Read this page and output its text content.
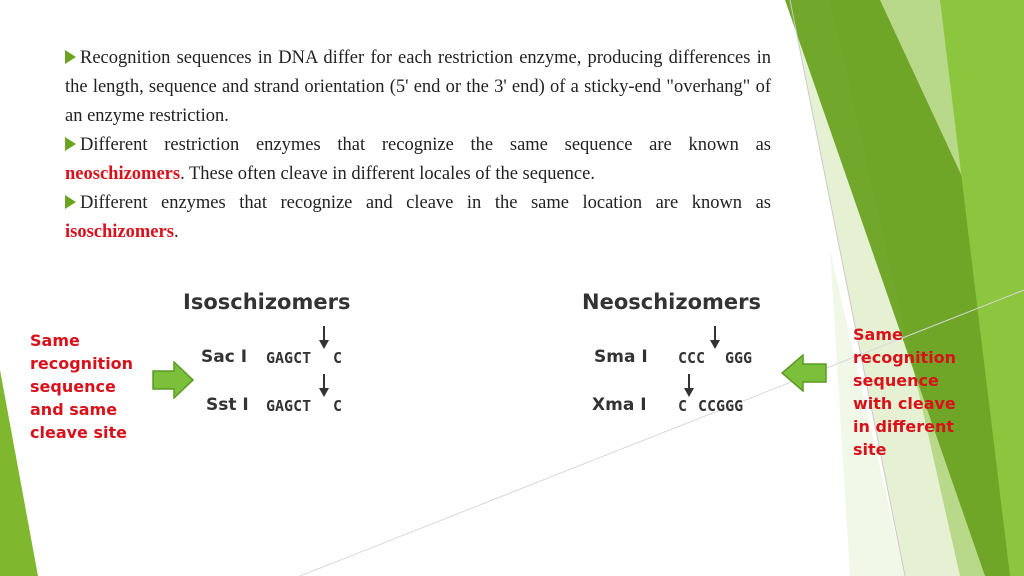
Recognition sequences in DNA differ for each restriction enzyme, producing differences in the length, sequence and strand orientation (5' end or the 3' end) of a sticky-end "overhang" of an enzyme restriction.

Different restriction enzymes that recognize the same sequence are known as neoschizomers. These often cleave in different locales of the sequence.

Different enzymes that recognize and cleave in the same location are known as isoschizomers.

Isoschizomers
Sac I GAGCT C
Sst I GAGCT C
Neoschizomers
Sma I CCC GGG
Xma I C CCGGG
Same
recognition
sequence
and same
cleave site
Same
recognition
sequence
with cleave
in different
site
